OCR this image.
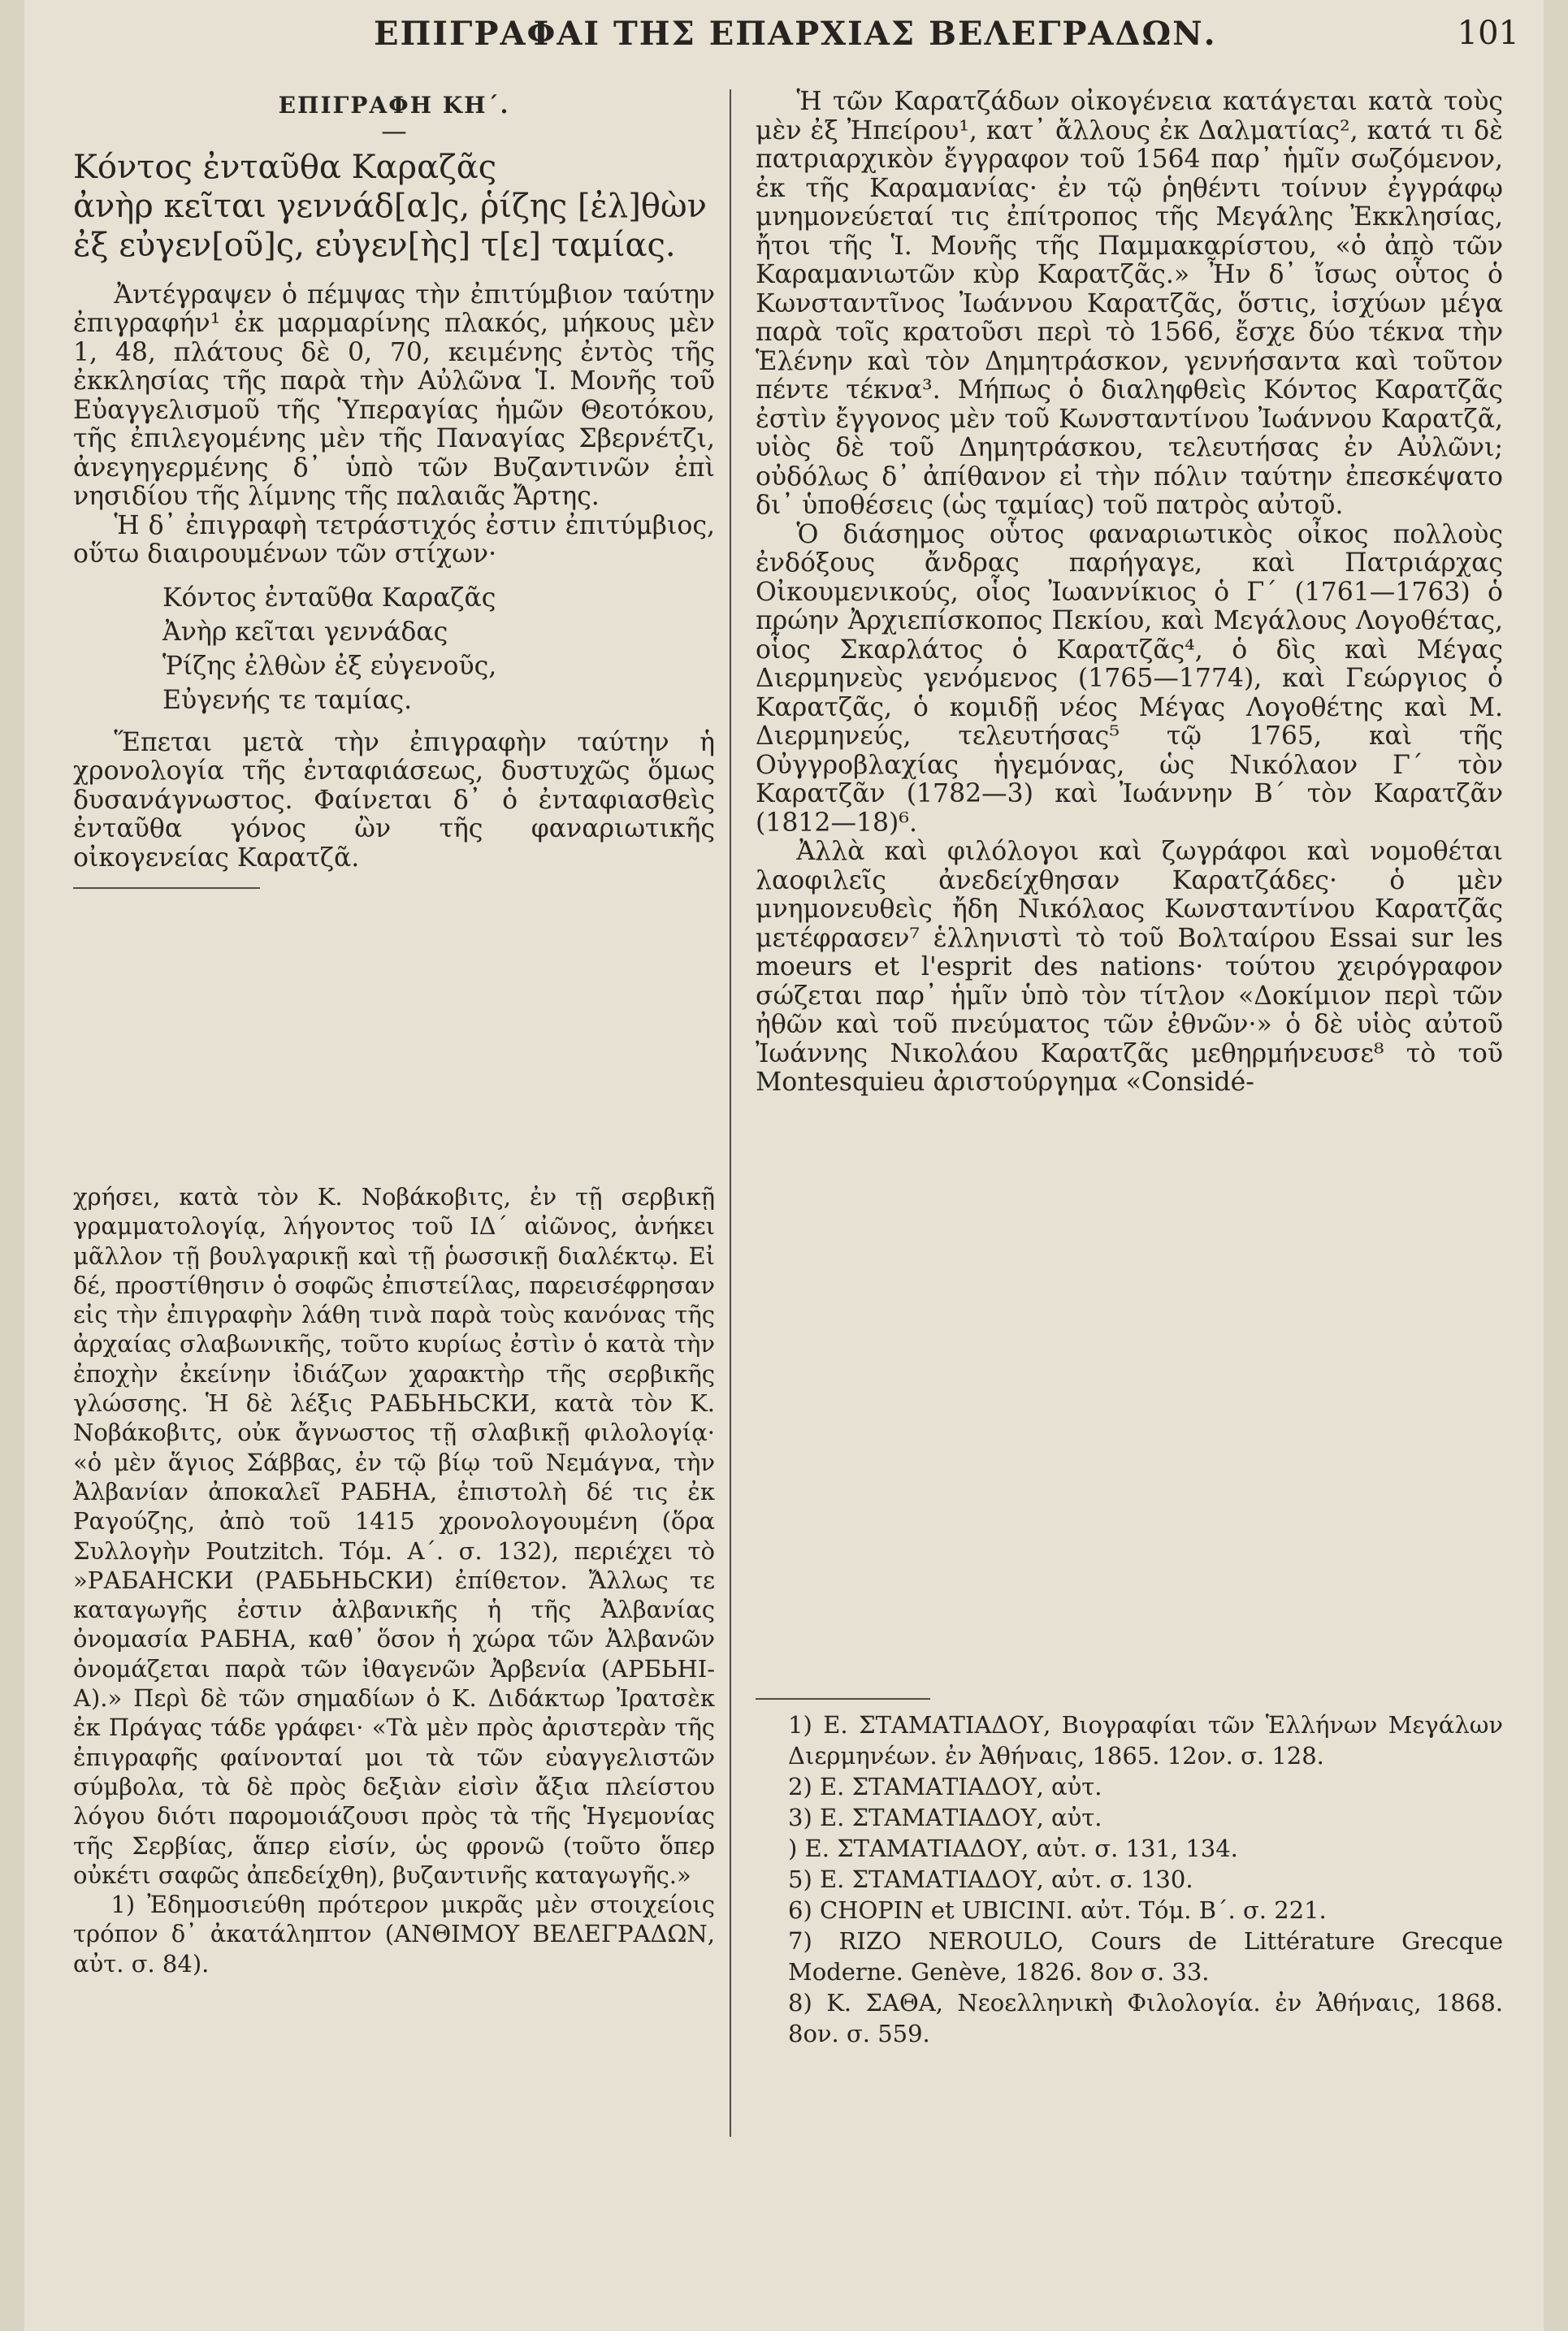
ΕΠΙΓΡΑΦΑΙ ΤΗΣ ΕΠΑΡΧΙΑΣ ΒΕΛΕΓΡΑΔΩΝ.	101

ΕΠΙΓΡΑΦΗ ΚΗ΄.

—

Κόντος ἐνταῦθα Καραζᾶς
ἀνὴρ κεῖται γεννάδ[α]ς, ῥίζης [ἐλ]θὼν
ἐξ εὐγεν[οῦ]ς, εὐγεν[ὴς] τ[ε] ταμίας.

Ἀντέγραψεν ὁ πέμψας τὴν ἐπιτύμβιον ταύτην ἐπιγραφήν¹ ἐκ μαρμαρίνης πλακός, μήκους μὲν 1, 48, πλάτους δὲ 0, 70, κειμένης ἐντὸς τῆς ἐκκλησίας τῆς παρὰ τὴν Αὐλῶνα Ἱ. Μονῆς τοῦ Εὐαγγελισμοῦ τῆς Ὑπεραγίας ἡμῶν Θεοτόκου, τῆς ἐπιλεγομένης μὲν τῆς Παναγίας Σβερνέτζι, ἀνεγηγερμένης δ᾽ ὑπὸ τῶν Βυζαντινῶν ἐπὶ νησιδίου τῆς λίμνης τῆς παλαιᾶς Ἄρτης.

Ἡ δ᾽ ἐπιγραφὴ τετράστιχός ἐστιν ἐπιτύμβιος, οὕτω διαιρουμένων τῶν στίχων·

Κόντος ἐνταῦθα Καραζᾶς
Ἀνὴρ κεῖται γεννάδας
Ῥίζης ἐλθὼν ἐξ εὐγενοῦς,
Εὐγενής τε ταμίας.

Ἕπεται μετὰ τὴν ἐπιγραφὴν ταύτην ἡ χρονολογία τῆς ἐνταφιάσεως, δυστυχῶς ὅμως δυσανάγνωστος. Φαίνεται δ᾽ ὁ ἐνταφιασθεὶς ἐνταῦθα γόνος ὢν τῆς φαναριωτικῆς οἰκογενείας Καρατζᾶ.

χρήσει, κατὰ τὸν Κ. Νοβάκοβιτς, ἐν τῇ σερβικῇ γραμματολογίᾳ, λήγοντος τοῦ ΙΔ΄ αἰῶνος, ἀνήκει μᾶλλον τῇ βουλγαρικῇ καὶ τῇ ῥωσσικῇ διαλέκτῳ. Εἰ δέ, προστίθησιν ὁ σοφῶς ἐπιστείλας, παρεισέφρησαν εἰς τὴν ἐπιγραφὴν λάθη τινὰ παρὰ τοὺς κανόνας τῆς ἀρχαίας σλαβωνικῆς, τοῦτο κυρίως ἐστὶν ὁ κατὰ τὴν ἐποχὴν ἐκείνην ἰδιάζων χαρακτὴρ τῆς σερβικῆς γλώσσης. Ἡ δὲ λέξις РАБЬНЬСКИ, κατὰ τὸν Κ. Νοβάκοβιτς, οὐκ ἄγνωστος τῇ σλαβικῇ φιλολογίᾳ· «ὁ μὲν ἅγιος Σάββας, ἐν τῷ βίῳ τοῦ Νεμάγνα, τὴν Ἀλβανίαν ἀποκαλεῖ РАБНА, ἐπιστολὴ δέ τις ἐκ Ραγούζης, ἀπὸ τοῦ 1415 χρονολογουμένη (ὅρα Συλλογὴν Poutzitch. Τόμ. Α΄. σ. 132), περιέχει τὸ »РАБАНСКИ (РАБЬНЬСКИ) ἐπίθετον. Ἄλλως τε καταγωγῆς ἐστιν ἀλβανικῆς ἡ τῆς Ἀλβανίας ὀνομασία РАБНА, καθ᾽ ὅσον ἡ χώρα τῶν Ἀλβανῶν ὀνομάζεται παρὰ τῶν ἰθαγενῶν Ἀρβενία (АРБЬНІ-А).» Περὶ δὲ τῶν σημαδίων ὁ Κ. Διδάκτωρ Ἰρατσὲκ ἐκ Πράγας τάδε γράφει· «Τὰ μὲν πρὸς ἀριστερὰν τῆς ἐπιγραφῆς φαίνονταί μοι τὰ τῶν εὐαγγελιστῶν σύμβολα, τὰ δὲ πρὸς δεξιὰν εἰσὶν ἄξια πλείστου λόγου διότι παρομοιάζουσι πρὸς τὰ τῆς Ἡγεμονίας τῆς Σερβίας, ἅπερ εἰσίν, ὡς φρονῶ (τοῦτο ὅπερ οὐκέτι σαφῶς ἀπεδείχθη), βυζαντινῆς καταγωγῆς.»

1) Ἐδημοσιεύθη πρότερον μικρᾶς μὲν στοιχείοις τρόπον δ᾽ ἀκατάληπτον (ΑΝΘΙΜΟΥ ΒΕΛΕΓΡΑΔΩΝ, αὐτ. σ. 84).

Ἡ τῶν Καρατζάδων οἰκογένεια κατάγεται κατὰ τοὺς μὲν ἐξ Ἠπείρου¹, κατ᾽ ἄλλους ἐκ Δαλματίας², κατά τι δὲ πατριαρχικὸν ἔγγραφον τοῦ 1564 παρ᾽ ἡμῖν σωζόμενον, ἐκ τῆς Καραμανίας· ἐν τῷ ῥηθέντι τοίνυν ἐγγράφῳ μνημονεύεταί τις ἐπίτροπος τῆς Μεγάλης Ἐκκλησίας, ἤτοι τῆς Ἱ. Μονῆς τῆς Παμμακαρίστου, «ὁ ἀπὸ τῶν Καραμανιωτῶν κὺρ Καρατζᾶς.» Ἦν δ᾽ ἴσως οὗτος ὁ Κωνσταντῖνος Ἰωάννου Καρατζᾶς, ὅστις, ἰσχύων μέγα παρὰ τοῖς κρατοῦσι περὶ τὸ 1566, ἔσχε δύο τέκνα τὴν Ἑλένην καὶ τὸν Δημητράσκον, γεννήσαντα καὶ τοῦτον πέντε τέκνα³. Μήπως ὁ διαληφθεὶς Κόντος Καρατζᾶς ἐστὶν ἔγγονος μὲν τοῦ Κωνσταντίνου Ἰωάννου Καρατζᾶ, υἱὸς δὲ τοῦ Δημητράσκου, τελευτήσας ἐν Αὐλῶνι; οὐδόλως δ᾽ ἀπίθανον εἰ τὴν πόλιν ταύτην ἐπεσκέψατο δι᾽ ὑποθέσεις (ὡς ταμίας) τοῦ πατρὸς αὐτοῦ.

Ὁ διάσημος οὗτος φαναριωτικὸς οἶκος πολλοὺς ἐνδόξους ἄνδρας παρήγαγε, καὶ Πατριάρχας Οἰκουμενικούς, οἷος Ἰωαννίκιος ὁ Γ΄ (1761—1763) ὁ πρώην Ἀρχιεπίσκοπος Πεκίου, καὶ Μεγάλους Λογοθέτας, οἷος Σκαρλάτος ὁ Καρατζᾶς⁴, ὁ δὶς καὶ Μέγας Διερμηνεὺς γενόμενος (1765—1774), καὶ Γεώργιος ὁ Καρατζᾶς, ὁ κομιδῇ νέος Μέγας Λογοθέτης καὶ Μ. Διερμηνεύς, τελευτήσας⁵ τῷ 1765, καὶ τῆς Οὐγγροβλαχίας ἡγεμόνας, ὡς Νικόλαον Γ΄ τὸν Καρατζᾶν (1782—3) καὶ Ἰωάννην Β΄ τὸν Καρατζᾶν (1812—18)⁶.

Ἀλλὰ καὶ φιλόλογοι καὶ ζωγράφοι καὶ νομοθέται λαοφιλεῖς ἀνεδείχθησαν Καρατζάδες· ὁ μὲν μνημονευθεὶς ἤδη Νικόλαος Κωνσταντίνου Καρατζᾶς μετέφρασεν⁷ ἑλληνιστὶ τὸ τοῦ Βολταίρου Essai sur les moeurs et l'esprit des nations· τούτου χειρόγραφον σώζεται παρ᾽ ἡμῖν ὑπὸ τὸν τίτλον «Δοκίμιον περὶ τῶν ἠθῶν καὶ τοῦ πνεύματος τῶν ἐθνῶν·» ὁ δὲ υἱὸς αὐτοῦ Ἰωάννης Νικολάου Καρατζᾶς μεθηρμήνευσε⁸ τὸ τοῦ Montesquieu ἀριστούργημα «Considé-

1) Ε. ΣΤΑΜΑΤΙΑΔΟΥ, Βιογραφίαι τῶν Ἑλλήνων Μεγάλων Διερμηνέων. ἐν Ἀθήναις, 1865. 12ον. σ. 128.

2) Ε. ΣΤΑΜΑΤΙΑΔΟΥ, αὐτ.

3) Ε. ΣΤΑΜΑΤΙΑΔΟΥ, αὐτ.

) Ε. ΣΤΑΜΑΤΙΑΔΟΥ, αὐτ. σ. 131, 134.

5) Ε. ΣΤΑΜΑΤΙΑΔΟΥ, αὐτ. σ. 130.

6) CHOPIN et UBICINI. αὐτ. Τόμ. Β΄. σ. 221.

7) RIZO NEROULO, Cours de Littérature Grecque Moderne. Genève, 1826. 8ον σ. 33.

8) Κ. ΣΑΘΑ, Νεοελληνικὴ Φιλολογία. ἐν Ἀθήναις, 1868. 8ον. σ. 559.
